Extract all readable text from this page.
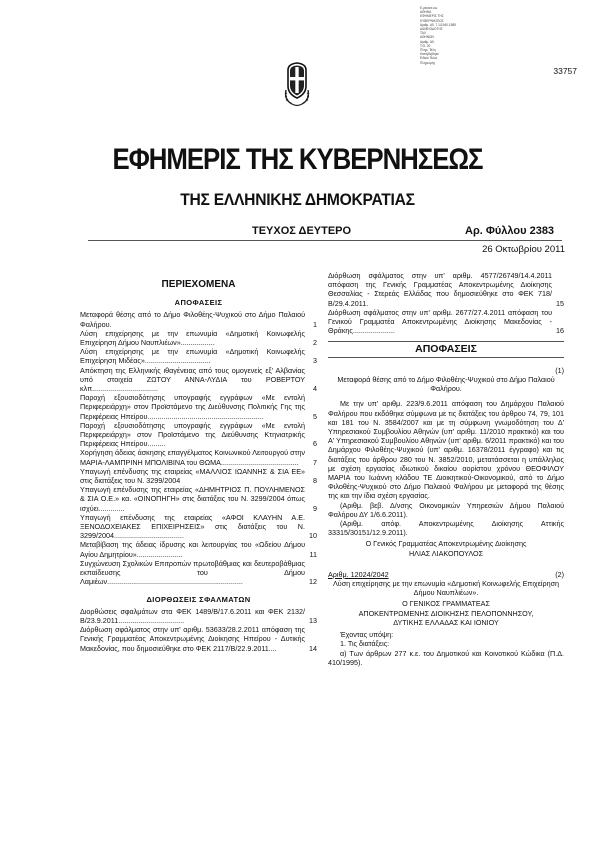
Ε-ρειοεσ-ιιω
ΑΘΗΝΑ
ΕΦΗΜΕΡΙΣ ΤΗΣ
ΚΥΒΕΡΝΗΣΕΩΣ
Αριθμ. Αδ. 7.1/1940.1985
ΔΑΝΕΙΟΔΟΤΗΣ
ΤΑΧ
ΑΘΗΝΩΝ
Αριθμ. Αδ.
Τ.Θ. 20
Πληρ. Τέλη
Καταβλήθηκε
Ειδικό Τέλος
Πληρωμής
33757
ΕΦΗΜΕΡΙΣ ΤΗΣ ΚΥΒΕΡΝΗΣΕΩΣ
ΤΗΣ ΕΛΛΗΝΙΚΗΣ ΔΗΜΟΚΡΑΤΙΑΣ
ΤΕΥΧΟΣ ΔΕΥΤΕΡΟ	Αρ. Φύλλου 2383
26 Οκτωβρίου 2011
ΠΕΡΙΕΧΟΜΕΝΑ
ΑΠΟΦΑΣΕΙΣ
Μεταφορά θέσης από το Δήμο Φιλοθέης-Ψυχικού στο Δήμο Παλαιού Φαλήρου.	1
Λύση επιχείρησης με την επωνυμία «Δημοτική Κοινωφελής Επιχείρηση Δήμου Ναυπλιέων».................	2
Λύση επιχείρησης με την επωνυμία «Δημοτική Κοινωφελής Επιχείρηση Μιδέας».................................	3
Απόκτηση της Ελληνικής ιθαγένειας από τους ομογενείς εξ' Αλβανίας υπό στοιχεία ΖΩΤΟΥ ΑΝΝΑ-ΛΥΔΙΑ του ΡΟΒΕΡΤΟΥ κλπ.................................	4
Παροχή εξουσιοδότησης υπογραφής εγγράφων «Με εντολή Περιφερειάρχη» στον Προϊστάμενο της Διεύθυνσης Πολιτικής Γης της Περιφέρειας Ηπείρου..........................................................	5
Παροχή εξουσιοδότησης υπογραφής εγγράφων «Με εντολή Περιφερειάρχη» στον Προϊστάμενο της Διεύθυνσης Κτηνιατρικής Περιφέρειας Ηπείρου.........	6
Χορήγηση άδειας άσκησης επαγγέλματος Κοινωνικού Λειτουργού στην ΜΑΡΙΑ-ΛΑΜΠΡΙΝΗ ΜΠΟΛΙΒΙΝΑ του ΘΩΜΑ.......................................	7
Υπαγωγή επένδυσης της εταιρείας «ΜΑΛΛΙΟΣ ΙΩΑΝΝΗΣ & ΣΙΑ ΕΕ» στις διατάξεις του Ν. 3299/2004	8
Υπαγωγή επένδυσης της εταιρείας «ΔΗΜΗΤΡΙΟΣ Π. ΠΟΥΛΗΜΕΝΟΣ & ΣΙΑ Ο.Ε.» κα. «ΟΙΝΟΠΗΓΗ» στις διατάξεις του Ν. 3299/2004 όπως ισχύει.............	9
Υπαγωγή επένδυσης της εταιρείας «ΑΦΟΙ ΚΛΑΥΗΝ Α.Ε. ΞΕΝΟΔΟΧΕΙΑΚΕΣ ΕΠΙΧΕΙΡΗΣΕΙΣ» στις διατάξεις του Ν. 3299/2004...................................	10
Μεταβίβαση της άδειας ίδρυσης και λειτουργίας του «Ωδείου Δήμου Αγίου Δημητρίου».......................	11
Συγχώνευση Σχολικών Επιτροπών πρωτοβάθμιας και δευτεροβάθμιας εκπαίδευσης του Δήμου Λαμιέων....................................................................	12
ΔΙΟΡΘΩΣΕΙΣ ΣΦΑΛΜΑΤΩΝ
Διορθώσεις σφαλμάτων στα ΦΕΚ 1489/Β/17.6.2011 και ΦΕΚ 2132/Β/23.9.2011.................................	13
Διόρθωση σφάλματος στην υπ' αριθμ. 53633/28.2.2011 απόφαση της Γενικής Γραμματέας Αποκεντρωμένης Διοίκησης Ηπείρου - Δυτικής Μακεδονίας, που δημοσιεύθηκε στο ΦΕΚ 2117/Β/22.9.2011....	14
Διόρθωση σφάλματος στην υπ' αριθμ. 4577/26749/14.4.2011 απόφαση της Γενικής Γραμματέας Αποκεντρωμένης Διοίκησης Θεσσαλίας - Στερεάς Ελλάδας που δημοσιεύθηκε στο ΦΕΚ 718/Β/29.4.2011.	15
Διόρθωση σφάλματος στην υπ' αριθμ. 2677/27.4.2011 απόφαση του Γενικού Γραμματέα Αποκεντρωμένης Διοίκησης Μακεδονίας - Θράκης.....................	16
ΑΠΟΦΑΣΕΙΣ
(1)
Μεταφορά θέσης από το Δήμο Φιλοθέης-Ψυχικού στο Δήμο Παλαιού Φαλήρου.
Με την υπ' αριθμ. 223/9.6.2011 απόφαση του Δημάρχου Παλαιού Φαλήρου που εκδόθηκε σύμφωνα με τις διατάξεις του άρθρου 74, 79, 101 και 181 του Ν. 3584/2007 και με τη σύμφωνη γνωμοδότηση του Δ' Υπηρεσιακού Συμβουλίου Αθηνών (υπ' αριθμ. 11/2010 πρακτικό) και του Α' Υπηρεσιακού Συμβουλίου Αθηνών (υπ' αριθμ. 6/2011 πρακτικό) και του Δημάρχου Φιλοθέης-Ψυχικού (υπ' αριθμ. 16378/2011 έγγραφο) και τις διατάξεις του άρθρου 280 του Ν. 3852/2010, μετατάσσεται η υπάλληλος με σχέση εργασίας ιδιωτικού δικαίου αορίστου χρόνου ΘΕΟΦΙΛΟΥ ΜΑΡΙΑ του Ιωάννη κλάδου ΤΕ Διοικητικού-Οικονομικού, από το Δήμο Φιλοθέης-Ψυχικού στο Δήμο Παλαιού Φαλήρου με μεταφορά της θέσης της και την ίδια σχέση εργασίας.
(Αριθμ. βεβ. Δ/νσης Οικονομικών Υπηρεσιών Δήμου Παλαιού Φαλήρου ΔΥ 1/6.6.2011).
(Αριθμ. απόφ. Αποκεντρωμένης Διοίκησης Αττικής 33315/30151/12.9.2011).
Ο Γενικός Γραμματέας Αποκεντρωμένης Διοίκησης
ΗΛΙΑΣ ΛΙΑΚΟΠΟΥΛΟΣ
Αριθμ. 12024/2042	(2)
Λύση επιχείρησης με την επωνυμία «Δημοτική Κοινωφελής Επιχείρηση Δήμου Ναυπλιέων».
Ο ΓΕΝΙΚΟΣ ΓΡΑΜΜΑΤΕΑΣ
ΑΠΟΚΕΝΤΡΩΜΕΝΗΣ ΔΙΟΙΚΗΣΗΣ ΠΕΛΟΠΟΝΝΗΣΟΥ,
ΔΥΤΙΚΗΣ ΕΛΛΑΔΑΣ ΚΑΙ ΙΟΝΙΟΥ
Έχοντας υπόψη:
1. Τις διατάξεις:
α) Των άρθρων 277 κ.ε. του Δημοτικού και Κοινοτικού Κώδικα (Π.Δ. 410/1995).
